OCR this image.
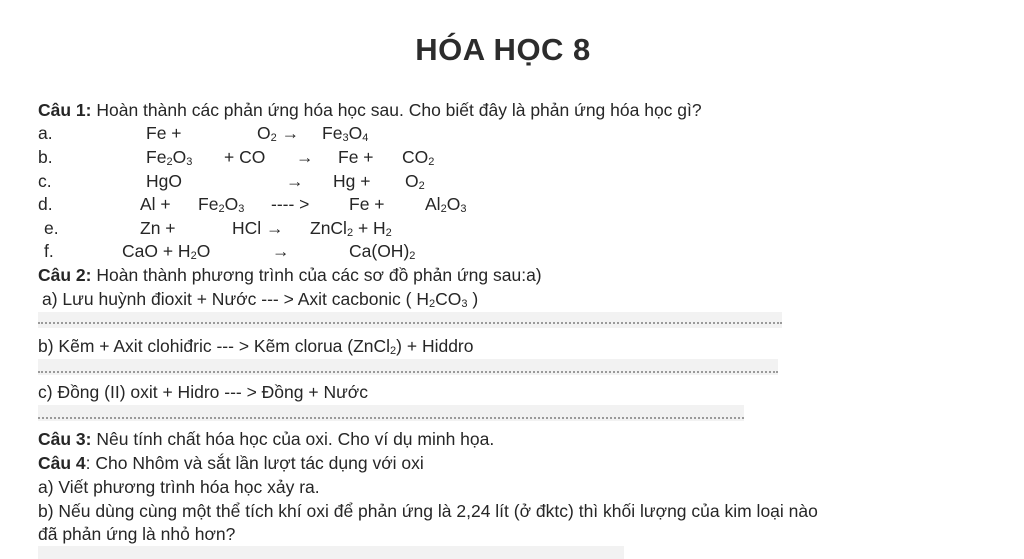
HÓA HỌC 8
Câu 1: Hoàn thành các phản ứng hóa học sau. Cho biết đây là phản ứng hóa học gì?
a.	Fe +	$O_2 \to Fe_3O_4$
b.	$Fe_2O_3$ + CO → $Fe + CO_2$
c.	HgO	→ $Hg + O_2$
d.	$Al + Fe_2O_3$ ---- > $Fe + Al_2O_3$
e.	Zn +	HCl → ZnCl$_2$ + $H_2$
f.	CaO + $H_2O$	→	$Ca(OH)_2$
Câu 2: Hoàn thành phương trình của các sơ đồ phản ứng sau:a)
a) Lưu huỳnh đioxit + Nước --- > Axit cacbonic ( $H_2CO_3$ )
b) Kẽm + Axit clohiđric --- > Kẽm clorua (ZnCl$_2$) + Hiddro
c) Đồng (II) oxit + Hidro --- > Đồng + Nước
Câu 3: Nêu tính chất hóa học của oxi. Cho ví dụ minh họa.
Câu 4: Cho Nhôm và sắt lần lượt tác dụng với oxi
a) Viết phương trình hóa học xảy ra.
b) Nếu dùng cùng một thể tích khí oxi để phản ứng là 2,24 lít (ở đktc) thì khối lượng của kim loại nào
đã phản ứng là nhỏ hơn?
